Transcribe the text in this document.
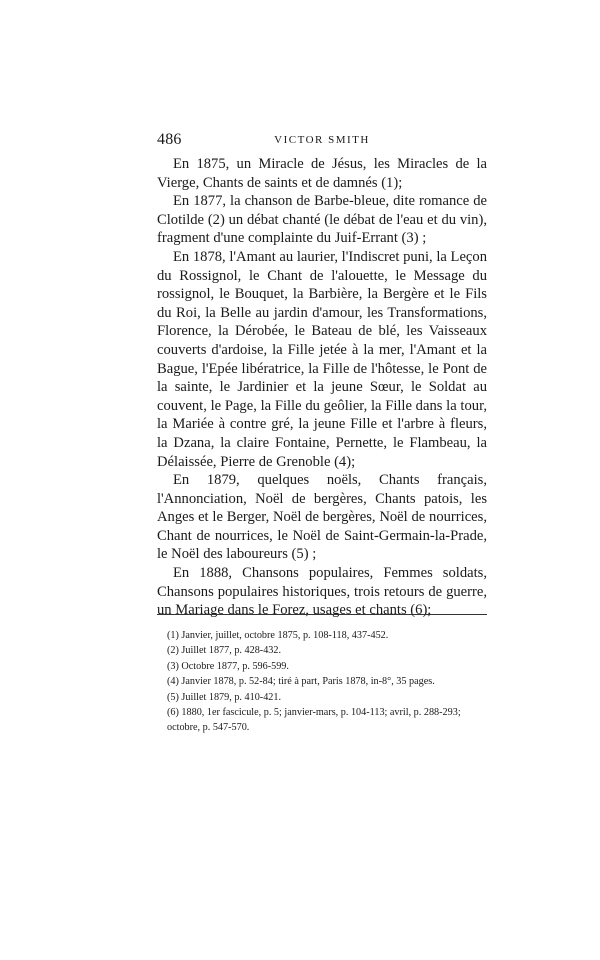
486	VICTOR SMITH

En 1875, un Miracle de Jésus, les Miracles de la Vierge, Chants de saints et de damnés (1);

En 1877, la chanson de Barbe-bleue, dite romance de Clotilde (2) un débat chanté (le débat de l'eau et du vin), fragment d'une complainte du Juif-Errant (3) ;

En 1878, l'Amant au laurier, l'Indiscret puni, la Leçon du Rossignol, le Chant de l'alouette, le Message du rossignol, le Bouquet, la Barbière, la Bergère et le Fils du Roi, la Belle au jardin d'amour, les Transformations, Florence, la Dérobée, le Bateau de blé, les Vaisseaux couverts d'ardoise, la Fille jetée à la mer, l'Amant et la Bague, l'Epée libératrice, la Fille de l'hôtesse, le Pont de la sainte, le Jardinier et la jeune Sœur, le Soldat au couvent, le Page, la Fille du geôlier, la Fille dans la tour, la Mariée à contre gré, la jeune Fille et l'arbre à fleurs, la Dzana, la claire Fontaine, Pernette, le Flambeau, la Délaissée, Pierre de Grenoble (4);

En 1879, quelques noëls, Chants français, l'Annonciation, Noël de bergères, Chants patois, les Anges et le Berger, Noël de bergères, Noël de nourrices, Chant de nourrices, le Noël de Saint-Germain-la-Prade, le Noël des laboureurs (5) ;

En 1888, Chansons populaires, Femmes soldats, Chansons populaires historiques, trois retours de guerre, un Mariage dans le Forez, usages et chants (6);

(1) Janvier, juillet, octobre 1875, p. 108-118, 437-452.

(2) Juillet 1877, p. 428-432.

(3) Octobre 1877, p. 596-599.

(4) Janvier 1878, p. 52-84; tiré à part, Paris 1878, in-8°, 35 pages.

(5) Juillet 1879, p. 410-421.

(6) 1880, 1er fascicule, p. 5; janvier-mars, p. 104-113; avril, p. 288-293; octobre, p. 547-570.
